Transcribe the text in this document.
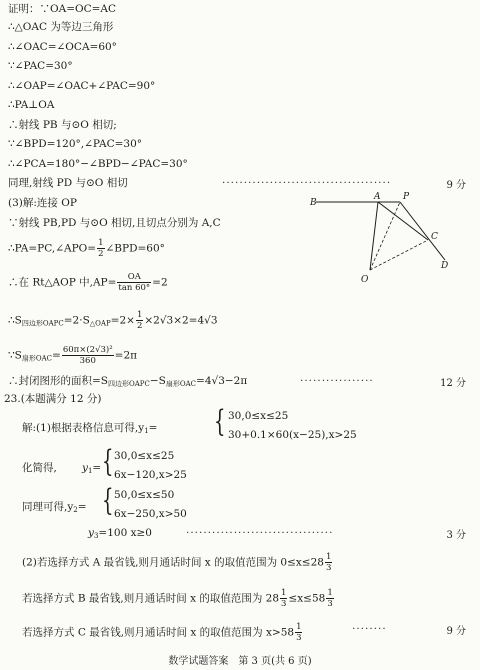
证明：∵OA=OC=AC
∴△OAC 为等边三角形
∴∠OAC=∠OCA=60°
∵∠PAC=30°
∴∠OAP=∠OAC+∠PAC=90°
∴PA⊥OA
∴射线 PB 与⊙O 相切;
∵∠BPD=120°,∠PAC=30°
∴∠PCA=180°−∠BPD−∠PAC=30°
同理,射线 PD 与⊙O 相切	·······································	9 分
(3)解:连接 OP
∵射线 PB,PD 与⊙O 相切,且切点分别为 A,C
∴PA=PC,∠APO= $\frac{1}{2}$ ∠BPD=60°
∴在 Rt△AOP 中$,AP= \frac{OA}{\tan 60^\circ} =2$
$\therefore S_{四边形OAPC}=2\cdot S_{\triangle OAP}=2\times \frac{1}{2} \times 2√3\times 2=4√3$
$\because S_{扇形OAC}= \frac{\text{60π×(2√3)²}}{360} =2\pi$
∴封闭图形的面积$=S_{四边形OAPC}-S_{扇形OAC}=4√3-2\pi$	·················	12 分
B
A	P
C
D
O
23.(本题满分 12 分)
解:(1)根据表格信息可得$,y_1=$ { 30,0≤x≤25
30+0.1×60(x−25),x>25
化简得, $y_1=$ { 30,0≤x≤25
6x−120,x>25
同理可得$,y_2=$ { 50,0≤x≤50
6x−250,x>50
$y_3=100$ x≥0	··································	3 分
(2)若选择方式 A 最省钱,则月通话时间 x 的取值范围为 $0\le x\le 28 \frac{1}{3}$
若选择方式 B 最省钱,则月通话时间 x 的取值范围为 $28 \frac{1}{3} \le x\le 58 \frac{1}{3}$
若选择方式 C 最省钱,则月通话时间 x 的取值范围为 $x>58 \frac{1}{3}$	········	9 分
数学试题答案　第 3 页(共 6 页)
